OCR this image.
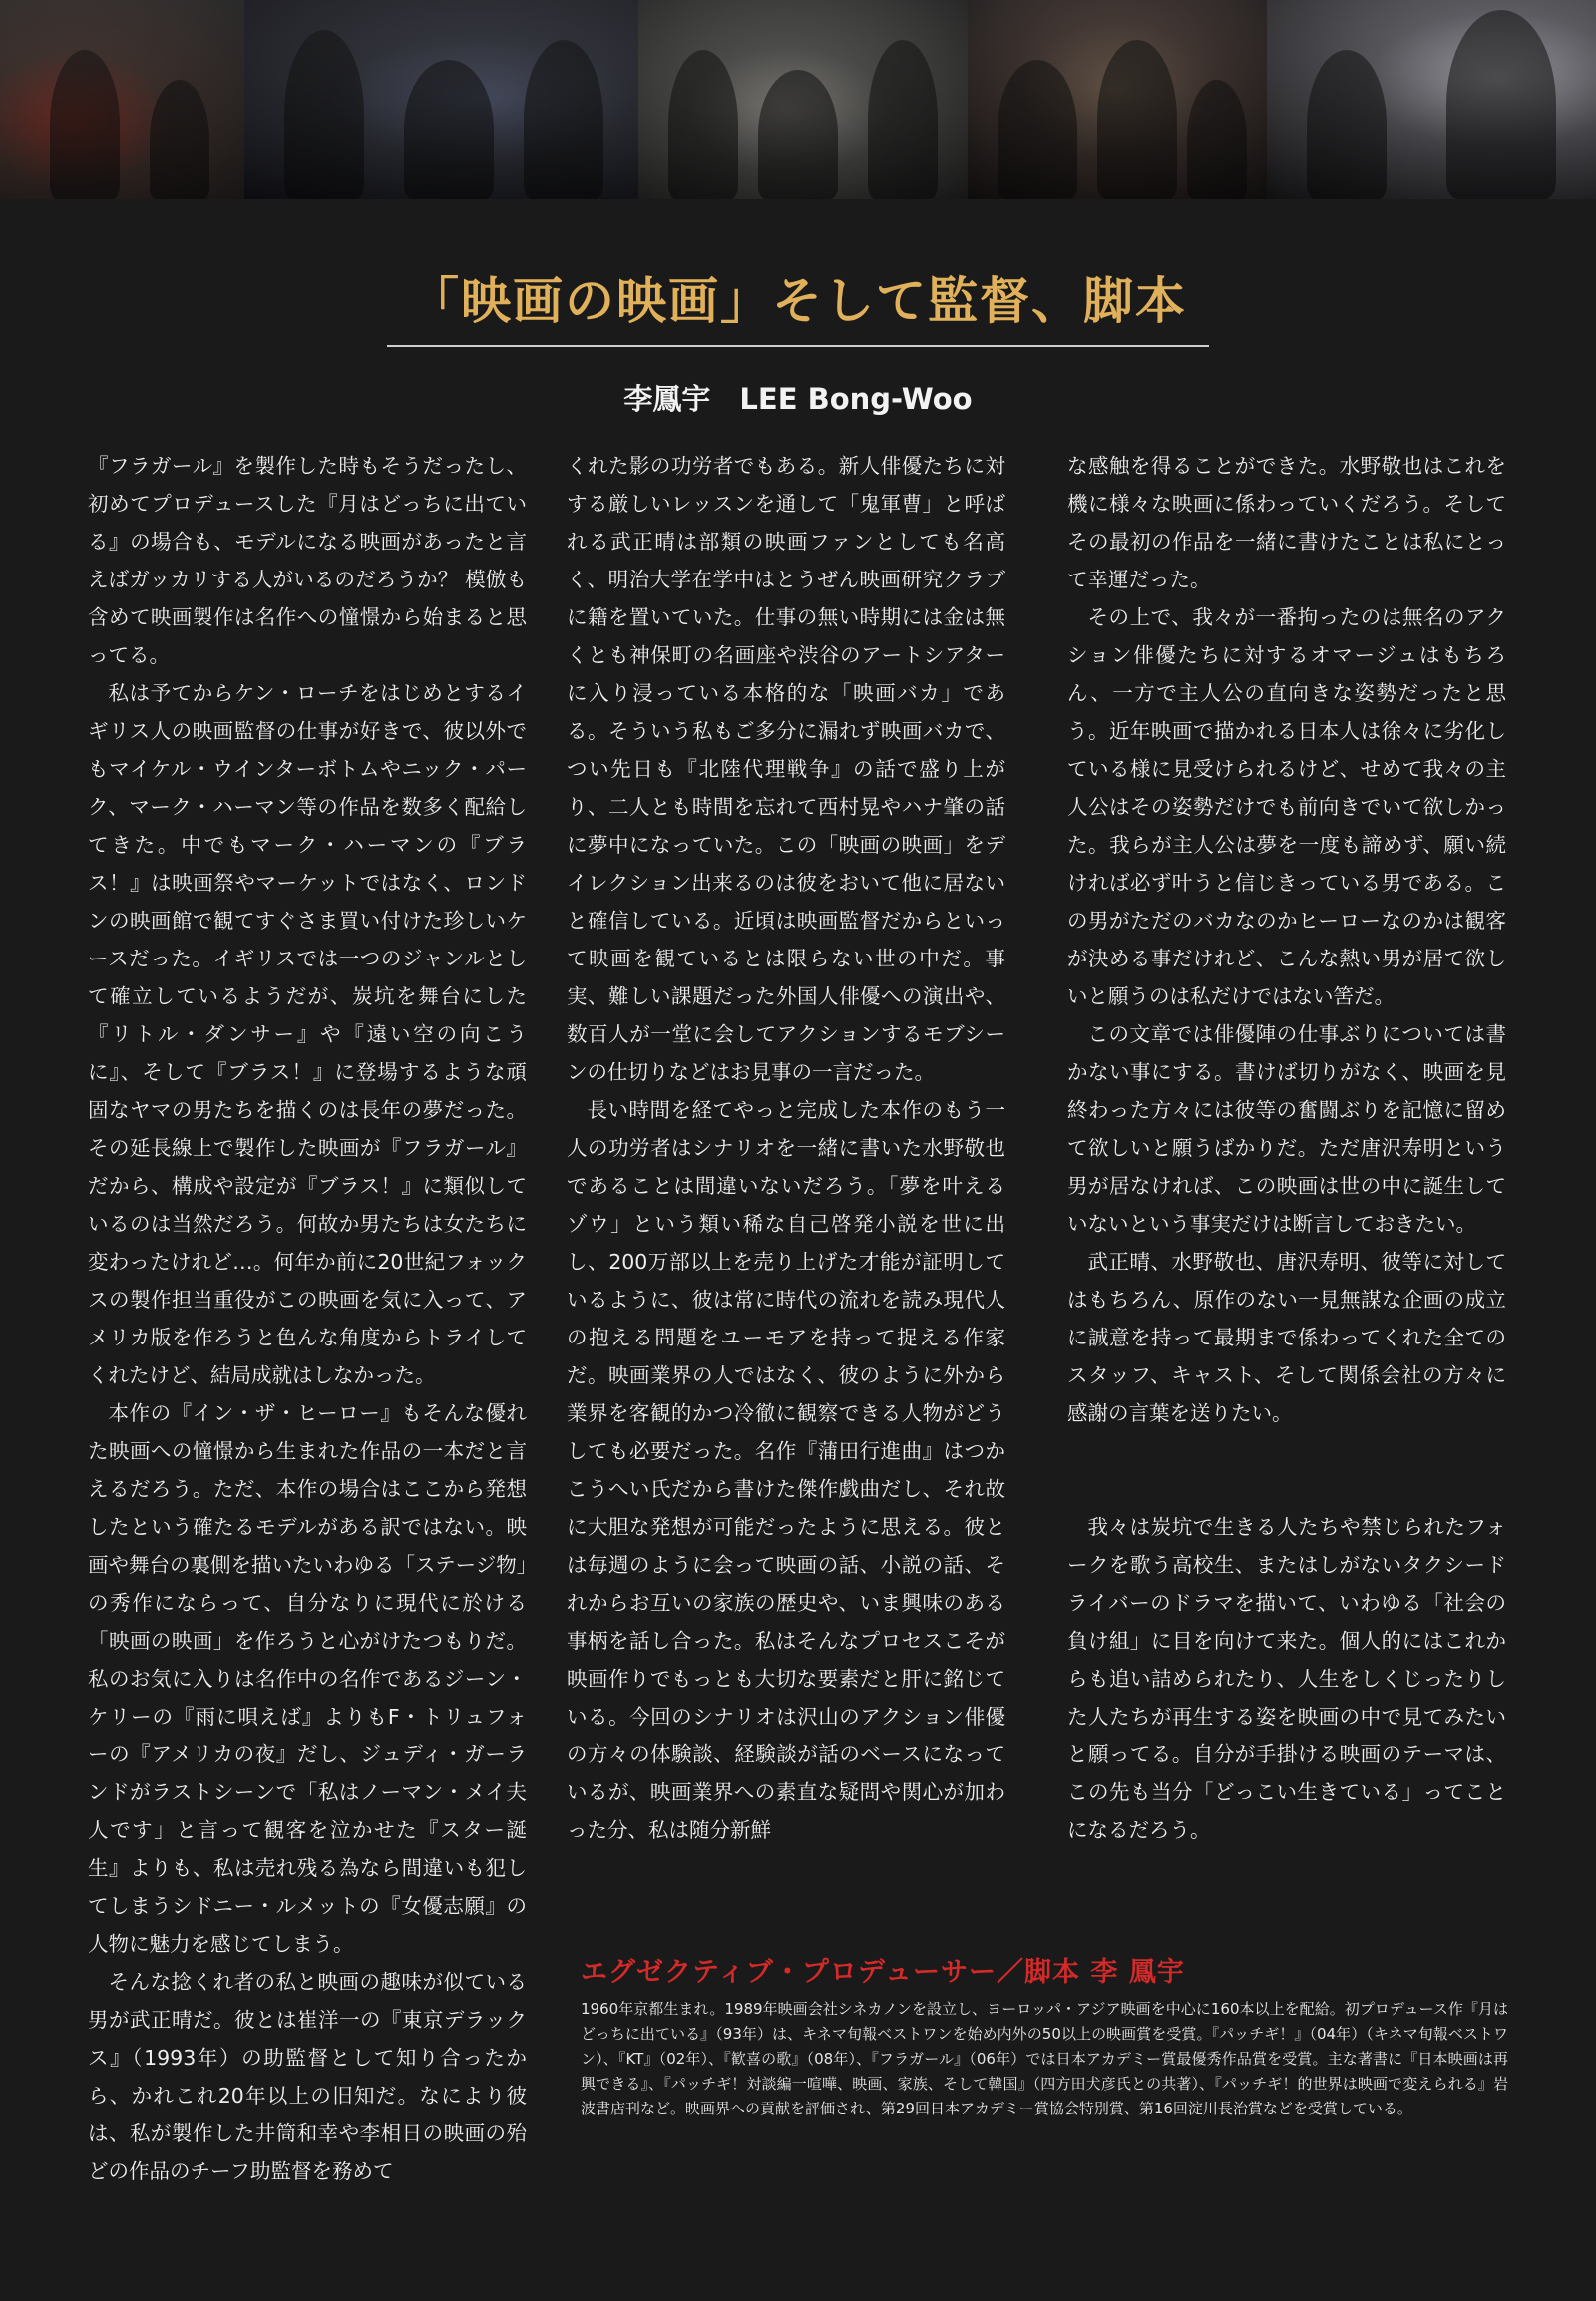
「映画の映画」そして監督、脚本
李鳳宇　LEE Bong-Woo

『フラガール』を製作した時もそうだったし、初めてプロデュースした『月はどっちに出ている』の場合も、モデルになる映画があったと言えばガッカリする人がいるのだろうか？ 模倣も含めて映画製作は名作への憧憬から始まると思ってる。

私は予てからケン・ローチをはじめとするイギリス人の映画監督の仕事が好きで、彼以外でもマイケル・ウインターボトムやニック・パーク、マーク・ハーマン等の作品を数多く配給してきた。中でもマーク・ハーマンの『ブラス！』は映画祭やマーケットではなく、ロンドンの映画館で観てすぐさま買い付けた珍しいケースだった。イギリスでは一つのジャンルとして確立しているようだが、炭坑を舞台にした『リトル・ダンサー』や『遠い空の向こうに』、そして『ブラス！』に登場するような頑固なヤマの男たちを描くのは長年の夢だった。その延長線上で製作した映画が『フラガール』だから、構成や設定が『ブラス！』に類似しているのは当然だろう。何故か男たちは女たちに変わったけれど…。何年か前に20世紀フォックスの製作担当重役がこの映画を気に入って、アメリカ版を作ろうと色んな角度からトライしてくれたけど、結局成就はしなかった。

本作の『イン・ザ・ヒーロー』もそんな優れた映画への憧憬から生まれた作品の一本だと言えるだろう。ただ、本作の場合はここから発想したという確たるモデルがある訳ではない。映画や舞台の裏側を描いたいわゆる「ステージ物」の秀作にならって、自分なりに現代に於ける「映画の映画」を作ろうと心がけたつもりだ。私のお気に入りは名作中の名作であるジーン・ケリーの『雨に唄えば』よりもF・トリュフォーの『アメリカの夜』だし、ジュディ・ガーランドがラストシーンで「私はノーマン・メイ夫人です」と言って観客を泣かせた『スター誕生』よりも、私は売れ残る為なら間違いも犯してしまうシドニー・ルメットの『女優志願』の人物に魅力を感じてしまう。

そんな捻くれ者の私と映画の趣味が似ている男が武正晴だ。彼とは崔洋一の『東京デラックス』（1993年）の助監督として知り合ったから、かれこれ20年以上の旧知だ。なにより彼は、私が製作した井筒和幸や李相日の映画の殆どの作品のチーフ助監督を務めて

くれた影の功労者でもある。新人俳優たちに対する厳しいレッスンを通して「鬼軍曹」と呼ばれる武正晴は部類の映画ファンとしても名高く、明治大学在学中はとうぜん映画研究クラブに籍を置いていた。仕事の無い時期には金は無くとも神保町の名画座や渋谷のアートシアターに入り浸っている本格的な「映画バカ」である。そういう私もご多分に漏れず映画バカで、つい先日も『北陸代理戦争』の話で盛り上がり、二人とも時間を忘れて西村晃やハナ肇の話に夢中になっていた。この「映画の映画」をデイレクション出来るのは彼をおいて他に居ないと確信している。近頃は映画監督だからといって映画を観ているとは限らない世の中だ。事実、難しい課題だった外国人俳優への演出や、数百人が一堂に会してアクションするモブシーンの仕切りなどはお見事の一言だった。

長い時間を経てやっと完成した本作のもう一人の功労者はシナリオを一緒に書いた水野敬也であることは間違いないだろう。「夢を叶えるゾウ」という類い稀な自己啓発小説を世に出し、200万部以上を売り上げた才能が証明しているように、彼は常に時代の流れを読み現代人の抱える問題をユーモアを持って捉える作家だ。映画業界の人ではなく、彼のように外から業界を客観的かつ冷徹に観察できる人物がどうしても必要だった。名作『蒲田行進曲』はつかこうへい氏だから書けた傑作戯曲だし、それ故に大胆な発想が可能だったように思える。彼とは毎週のように会って映画の話、小説の話、それからお互いの家族の歴史や、いま興味のある事柄を話し合った。私はそんなプロセスこそが映画作りでもっとも大切な要素だと肝に銘じている。今回のシナリオは沢山のアクション俳優の方々の体験談、経験談が話のベースになっているが、映画業界への素直な疑問や関心が加わった分、私は随分新鮮

な感触を得ることができた。水野敬也はこれを機に様々な映画に係わっていくだろう。そしてその最初の作品を一緒に書けたことは私にとって幸運だった。

その上で、我々が一番拘ったのは無名のアクション俳優たちに対するオマージュはもちろん、一方で主人公の直向きな姿勢だったと思う。近年映画で描かれる日本人は徐々に劣化している様に見受けられるけど、せめて我々の主人公はその姿勢だけでも前向きでいて欲しかった。我らが主人公は夢を一度も諦めず、願い続ければ必ず叶うと信じきっている男である。この男がただのバカなのかヒーローなのかは観客が決める事だけれど、こんな熱い男が居て欲しいと願うのは私だけではない筈だ。

この文章では俳優陣の仕事ぶりについては書かない事にする。書けば切りがなく、映画を見終わった方々には彼等の奮闘ぶりを記憶に留めて欲しいと願うばかりだ。ただ唐沢寿明という男が居なければ、この映画は世の中に誕生していないという事実だけは断言しておきたい。

武正晴、水野敬也、唐沢寿明、彼等に対してはもちろん、原作のない一見無謀な企画の成立に誠意を持って最期まで係わってくれた全てのスタッフ、キャスト、そして関係会社の方々に感謝の言葉を送りたい。

我々は炭坑で生きる人たちや禁じられたフォークを歌う高校生、またはしがないタクシードライバーのドラマを描いて、いわゆる「社会の負け組」に目を向けて来た。個人的にはこれからも追い詰められたり、人生をしくじったりした人たちが再生する姿を映画の中で見てみたいと願ってる。自分が手掛ける映画のテーマは、この先も当分「どっこい生きている」ってことになるだろう。

エグゼクティブ・プロデューサー／脚本 李 鳳宇
1960年京都生まれ。1989年映画会社シネカノンを設立し、ヨーロッパ・アジア映画を中心に160本以上を配給。初プロデュース作『月はどっちに出ている』（93年）は、キネマ旬報ベストワンを始め内外の50以上の映画賞を受賞。『パッチギ！』（04年）（キネマ旬報ベストワン）、『KT』（02年）、『歓喜の歌』（08年）、『フラガール』（06年）では日本アカデミー賞最優秀作品賞を受賞。主な著書に『日本映画は再興できる』、『パッチギ！対談編一喧嘩、映画、家族、そして韓国』（四方田犬彦氏との共著）、『パッチギ！的世界は映画で変えられる』岩波書店刊など。映画界への貢献を評価され、第29回日本アカデミー賞協会特別賞、第16回淀川長治賞などを受賞している。
